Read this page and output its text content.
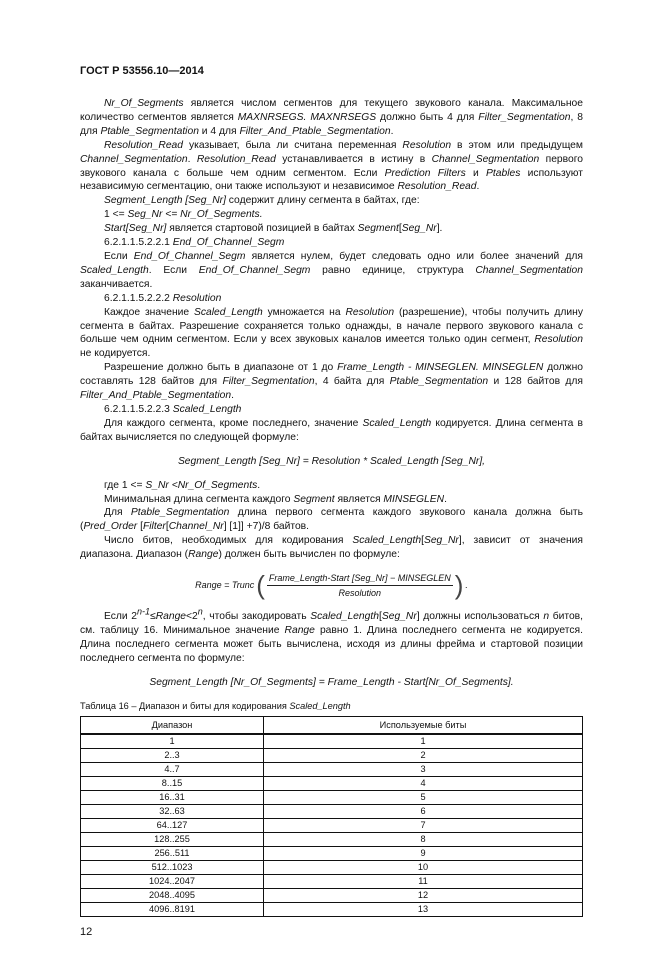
ГОСТ Р 53556.10—2014

Nr_Of_Segments является числом сегментов для текущего звукового канала. Максимальное количество сегментов является MAXNRSEGS. MAXNRSEGS должно быть 4 для Filter_Segmentation, 8 для Ptable_Segmentation и 4 для Filter_And_Ptable_Segmentation.

Resolution_Read указывает, была ли считана переменная Resolution в этом или предыдущем Channel_Segmentation. Resolution_Read устанавливается в истину в Channel_Segmentation первого звукового канала с больше чем одним сегментом. Если Prediction Filters и Ptables используют независимую сегментацию, они также используют и независимое Resolution_Read.

Segment_Length [Seg_Nr] содержит длину сегмента в байтах, где:

1 <= Seg_Nr <= Nr_Of_Segments.

Start[Seg_Nr] является стартовой позицией в байтах Segment[Seg_Nr].

6.2.1.1.5.2.2.1 End_Of_Channel_Segm

Если End_Of_Channel_Segm является нулем, будет следовать одно или более значений для Scaled_Length. Если End_Of_Channel_Segm равно единице, структура Channel_Segmentation заканчивается.

6.2.1.1.5.2.2.2 Resolution

Каждое значение Scaled_Length умножается на Resolution (разрешение), чтобы получить длину сегмента в байтах. Разрешение сохраняется только однажды, в начале первого звукового канала с больше чем одним сегментом. Если у всех звуковых каналов имеется только один сегмент, Resolution не кодируется.

Разрешение должно быть в диапазоне от 1 до Frame_Length - MINSEGLEN. MINSEGLEN должно составлять 128 байтов для Filter_Segmentation, 4 байта для Ptable_Segmentation и 128 байтов для Filter_And_Ptable_Segmentation.

6.2.1.1.5.2.2.3 Scaled_Length

Для каждого сегмента, кроме последнего, значение Scaled_Length кодируется. Длина сегмента в байтах вычисляется по следующей формуле:

Segment_Length [Seg_Nr] = Resolution * Scaled_Length [Seg_Nr],

где 1 <= S_Nr <Nr_Of_Segments.

Минимальная длина сегмента каждого Segment является MINSEGLEN.

Для Ptable_Segmentation длина первого сегмента каждого звукового канала должна быть (Pred_Order [Filter[Channel_Nr] [1]] +7)/8 байтов.

Число битов, необходимых для кодирования Scaled_Length[Seg_Nr], зависит от значения диапазона. Диапазон (Range) должен быть вычислен по формуле:

Range = Trunc ( $\frac{\text{Frame\_Length-Start [Seg\_Nr] − MINSEGLEN}}{\text{Resolution}}$ ) .

Если $2^{n-1}\le Range<2^n$, чтобы закодировать Scaled_Length[Seg_Nr] должны использоваться n битов, см. таблицу 16. Минимальное значение Range равно 1. Длина последнего сегмента не кодируется. Длина последнего сегмента может быть вычислена, исходя из длины фрейма и стартовой позиции последнего сегмента по формуле:

Segment_Length [Nr_Of_Segments] = Frame_Length - Start[Nr_Of_Segments].
Таблица 16 – Диапазон и биты для кодирования Scaled_Length
Диапазон	Используемые биты
1	1
2..3	2
4..7	3
8..15	4
16..31	5
32..63	6
64..127	7
128..255	8
256..511	9
512..1023	10
1024..2047	11
2048..4095	12
4096..8191	13
12
